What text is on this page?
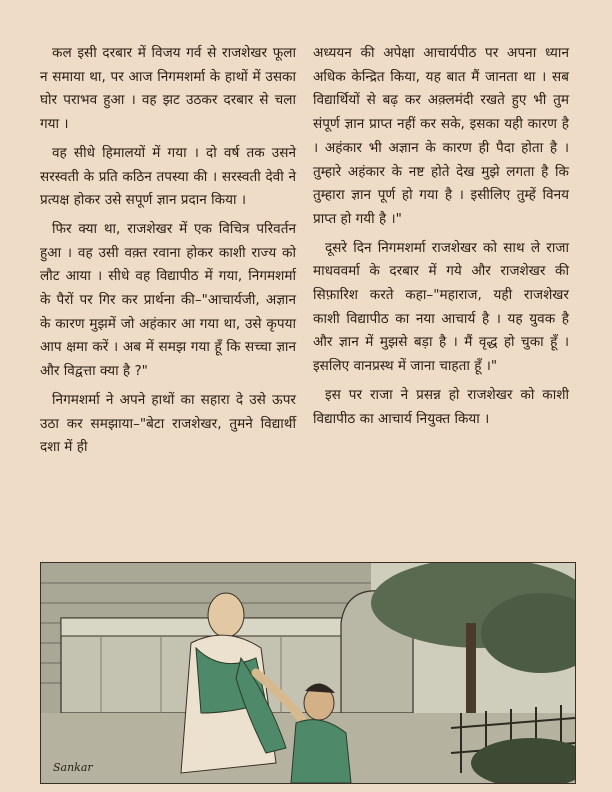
कल इसी दरबार में विजय गर्व से राजशेखर फूला न समाया था, पर आज निगमशर्मा के हाथों में उसका घोर पराभव हुआ । वह झट उठकर दरबार से चला गया ।

वह सीधे हिमालयों में गया । दो वर्ष तक उसने सरस्वती के प्रति कठिन तपस्या की । सरस्वती देवी ने प्रत्यक्ष होकर उसे सपूर्ण ज्ञान प्रदान किया ।

फिर क्या था, राजशेखर में एक विचित्र परिवर्तन हुआ । वह उसी वक़्त रवाना होकर काशी राज्य को लौट आया । सीधे वह विद्यापीठ में गया, निगमशर्मा के पैरों पर गिर कर प्रार्थना की–"आचार्यजी, अज्ञान के कारण मुझमें जो अहंकार आ गया था, उसे कृपया आप क्षमा करें । अब में समझ गया हूँ कि सच्चा ज्ञान और विद्वत्ता क्या है ?"

निगमशर्मा ने अपने हाथों का सहारा दे उसे ऊपर उठा कर समझाया–"बेटा राजशेखर, तुमने विद्यार्थी दशा में ही

अध्ययन की अपेक्षा आचार्यपीठ पर अपना ध्यान अधिक केन्द्रित किया, यह बात मैं जानता था । सब विद्यार्थियों से बढ़ कर अक़्लमंदी रखते हुए भी तुम संपूर्ण ज्ञान प्राप्त नहीं कर सके, इसका यही कारण है । अहंकार भी अज्ञान के कारण ही पैदा होता है । तुम्हारे अहंकार के नष्ट होते देख मुझे लगता है कि तुम्हारा ज्ञान पूर्ण हो गया है । इसीलिए तुम्हें विनय प्राप्त हो गयी है ।"

दूसरे दिन निगमशर्मा राजशेखर को साथ ले राजा माधववर्मा के दरबार में गये और राजशेखर की सिफ़ारिश करते कहा–"महाराज, यही राजशेखर काशी विद्यापीठ का नया आचार्य है । यह युवक है और ज्ञान में मुझसे बड़ा है । मैं वृद्ध हो चुका हूँ । इसलिए वानप्रस्थ में जाना चाहता हूँ ।"

इस पर राजा ने प्रसन्न हो राजशेखर को काशी विद्यापीठ का आचार्य नियुक्त किया ।

Sankar
